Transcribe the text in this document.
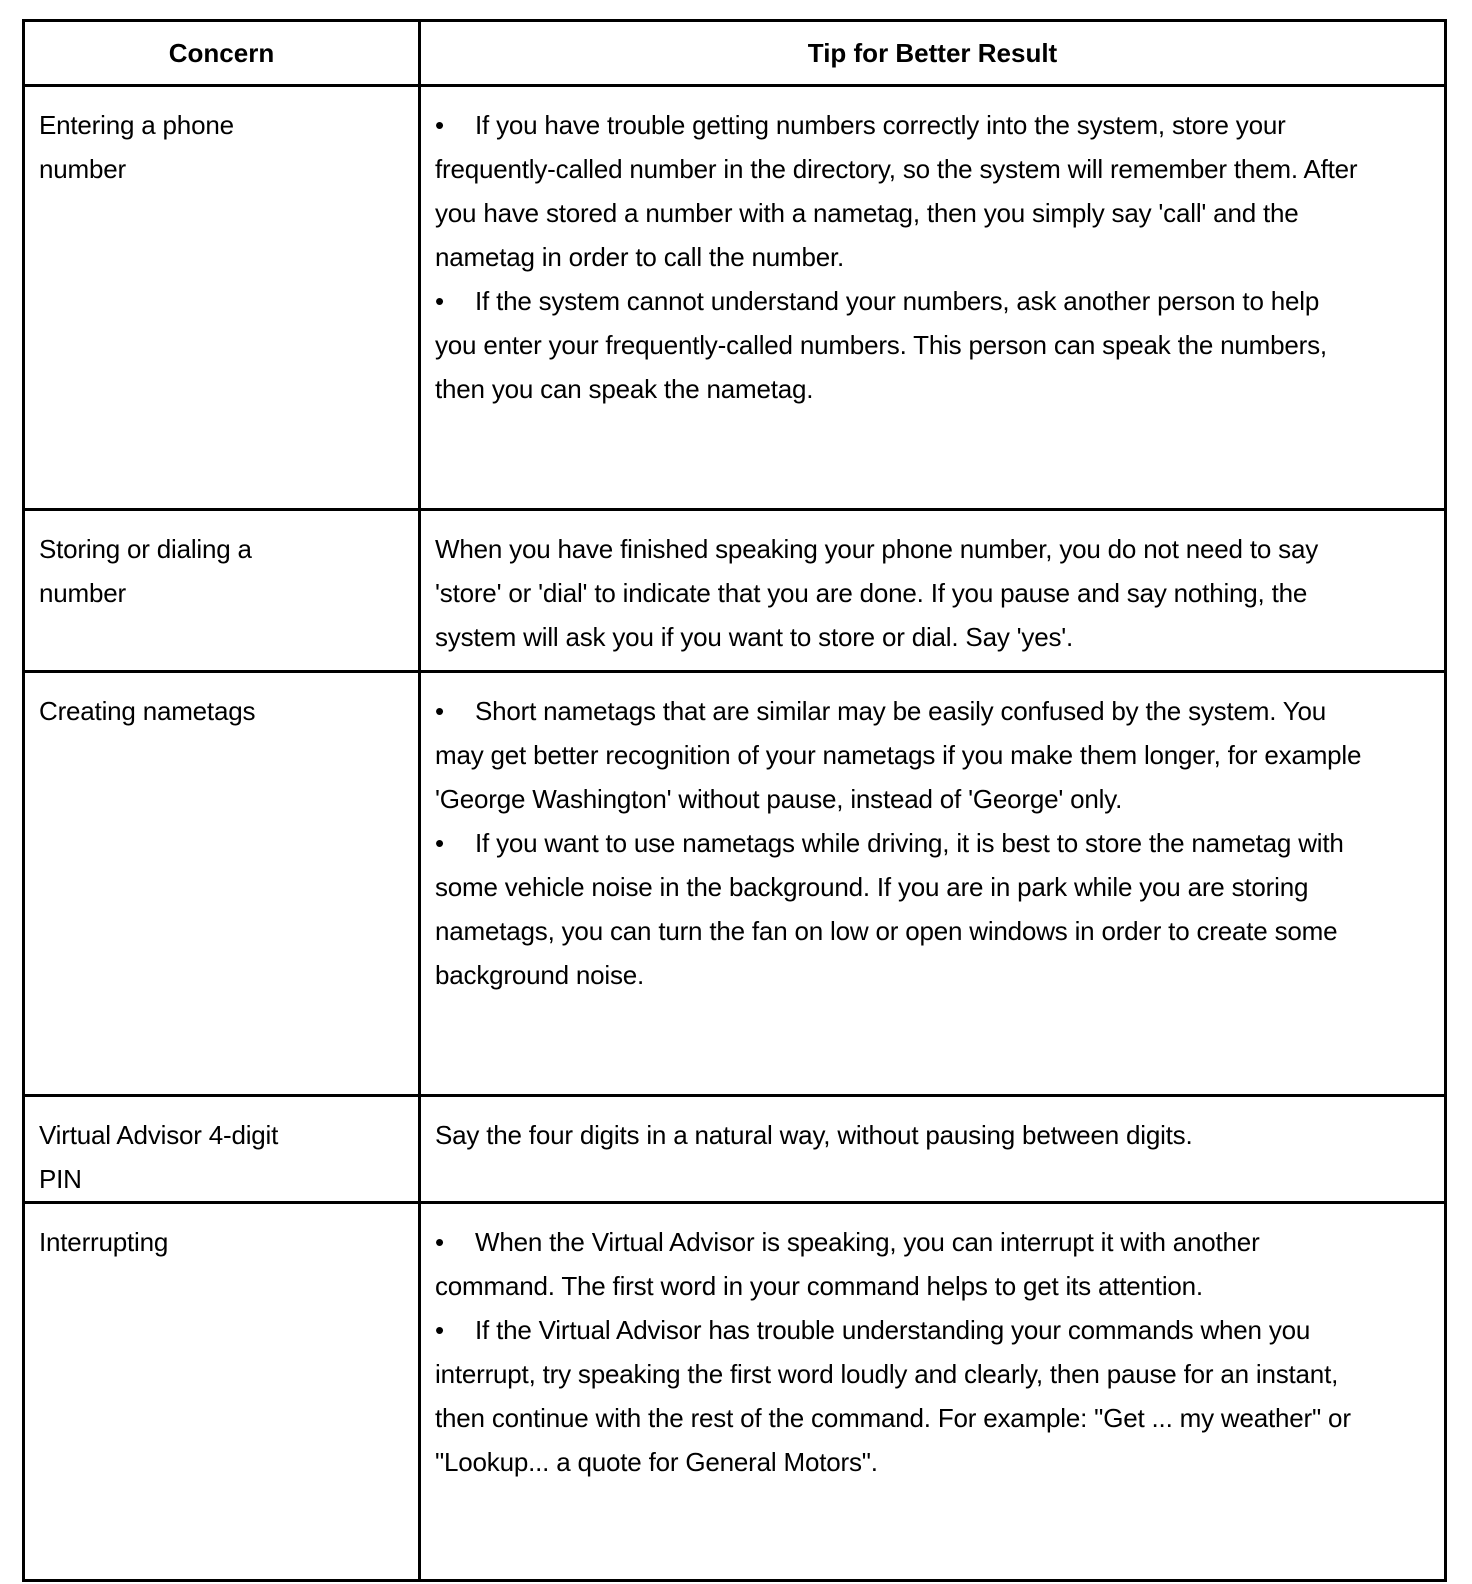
Concern	Tip for Better Result
Entering a phone number	• If you have trouble getting numbers correctly into the system, store your frequently-called number in the directory, so the system will remember them. After you have stored a number with a nametag, then you simply say 'call' and the nametag in order to call the number.
• If the system cannot understand your numbers, ask another person to help you enter your frequently-called numbers. This person can speak the numbers, then you can speak the nametag.

Storing or dialing a number	When you have finished speaking your phone number, you do not need to say 'store' or 'dial' to indicate that you are done. If you pause and say nothing, the system will ask you if you want to store or dial. Say 'yes'.

Creating nametags	• Short nametags that are similar may be easily confused by the system. You may get better recognition of your nametags if you make them longer, for example 'George Washington' without pause, instead of 'George' only.
• If you want to use nametags while driving, it is best to store the nametag with some vehicle noise in the background. If you are in park while you are storing nametags, you can turn the fan on low or open windows in order to create some background noise.

Virtual Advisor 4-digit PIN	Say the four digits in a natural way, without pausing between digits.

Interrupting	• When the Virtual Advisor is speaking, you can interrupt it with another command. The first word in your command helps to get its attention.
• If the Virtual Advisor has trouble understanding your commands when you interrupt, try speaking the first word loudly and clearly, then pause for an instant, then continue with the rest of the command. For example: "Get ... my weather" or "Lookup... a quote for General Motors".
